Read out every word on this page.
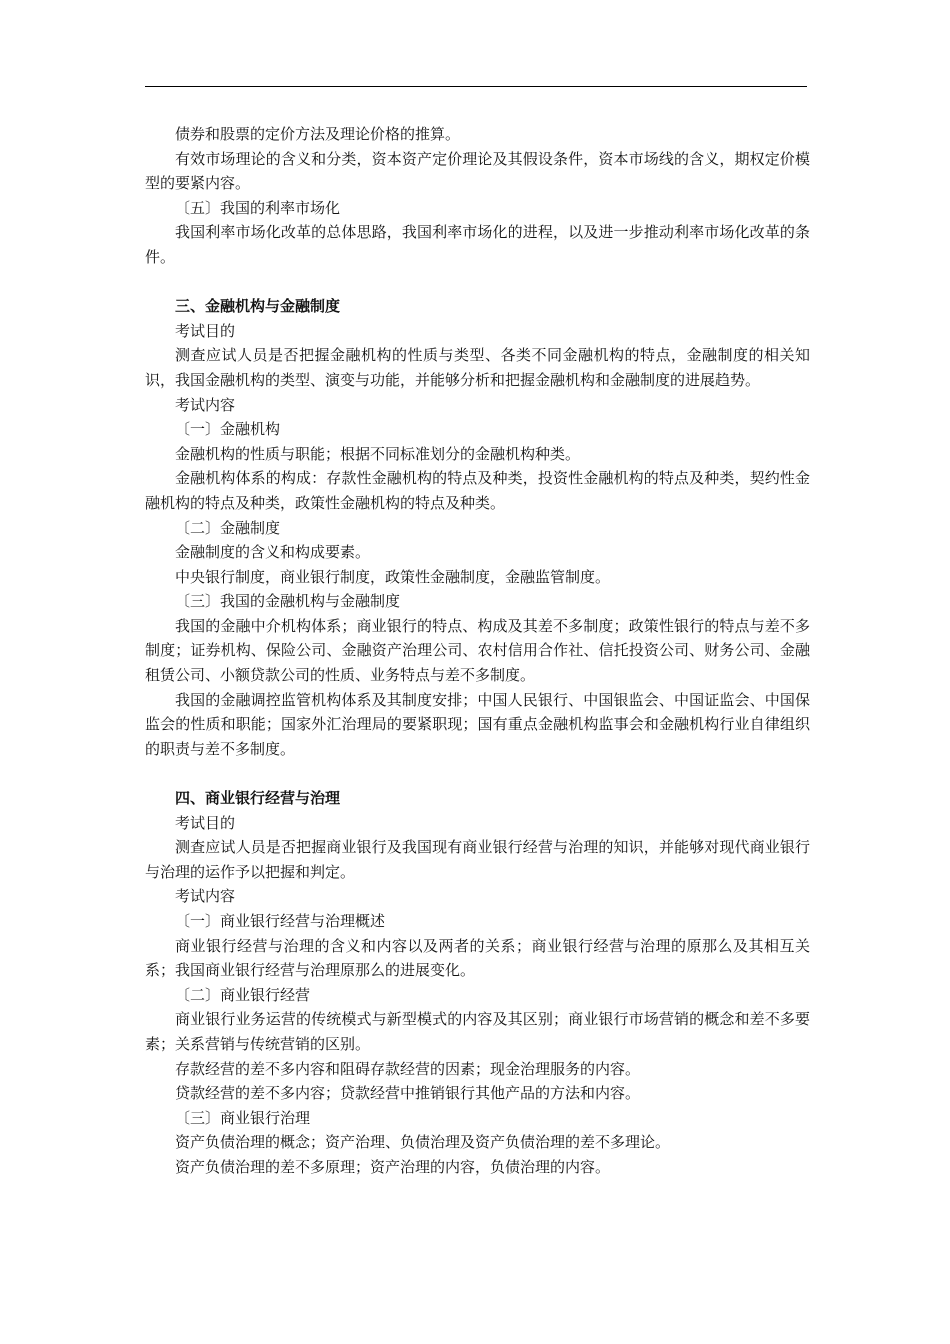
债券和股票的定价方法及理论价格的推算。

有效市场理论的含义和分类，资本资产定价理论及其假设条件，资本市场线的含义，期权定价模型的要紧内容。

〔五〕我国的利率市场化

我国利率市场化改革的总体思路，我国利率市场化的进程，以及进一步推动利率市场化改革的条件。

三、金融机构与金融制度

考试目的

测查应试人员是否把握金融机构的性质与类型、各类不同金融机构的特点，金融制度的相关知识，我国金融机构的类型、演变与功能，并能够分析和把握金融机构和金融制度的进展趋势。

考试内容

〔一〕金融机构

金融机构的性质与职能；根据不同标准划分的金融机构种类。

金融机构体系的构成：存款性金融机构的特点及种类，投资性金融机构的特点及种类，契约性金融机构的特点及种类，政策性金融机构的特点及种类。

〔二〕金融制度

金融制度的含义和构成要素。

中央银行制度，商业银行制度，政策性金融制度，金融监管制度。

〔三〕我国的金融机构与金融制度

我国的金融中介机构体系；商业银行的特点、构成及其差不多制度；政策性银行的特点与差不多制度；证券机构、保险公司、金融资产治理公司、农村信用合作社、信托投资公司、财务公司、金融租赁公司、小额贷款公司的性质、业务特点与差不多制度。

我国的金融调控监管机构体系及其制度安排；中国人民银行、中国银监会、中国证监会、中国保监会的性质和职能；国家外汇治理局的要紧职现；国有重点金融机构监事会和金融机构行业自律组织的职责与差不多制度。

四、商业银行经营与治理

考试目的

测查应试人员是否把握商业银行及我国现有商业银行经营与治理的知识，并能够对现代商业银行与治理的运作予以把握和判定。

考试内容

〔一〕商业银行经营与治理概述

商业银行经营与治理的含义和内容以及两者的关系；商业银行经营与治理的原那么及其相互关系；我国商业银行经营与治理原那么的进展变化。

〔二〕商业银行经营

商业银行业务运营的传统模式与新型模式的内容及其区别；商业银行市场营销的概念和差不多要素；关系营销与传统营销的区别。

存款经营的差不多内容和阻碍存款经营的因素；现金治理服务的内容。

贷款经营的差不多内容；贷款经营中推销银行其他产品的方法和内容。

〔三〕商业银行治理

资产负债治理的概念；资产治理、负债治理及资产负债治理的差不多理论。

资产负债治理的差不多原理；资产治理的内容，负债治理的内容。
